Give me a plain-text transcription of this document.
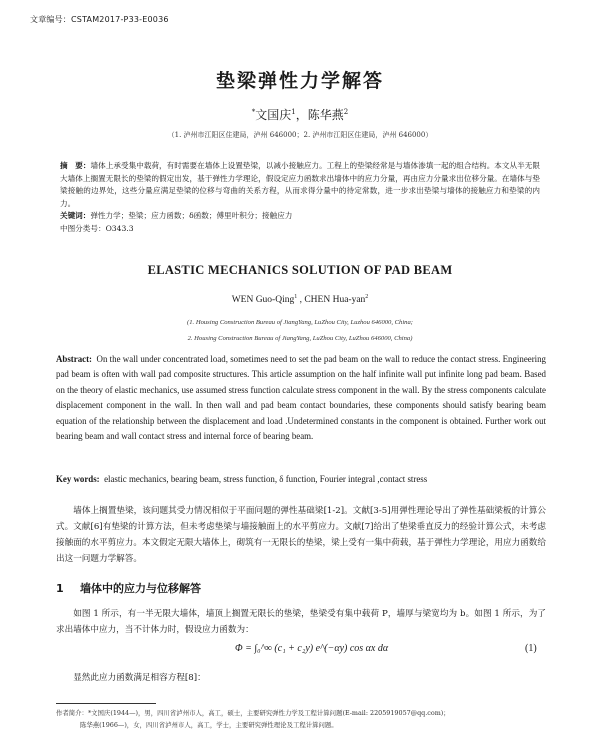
文章编号：CSTAM2017-P33-E0036
垫梁弹性力学解答
*文国庆$^1$，陈华燕$^2$
（1. 泸州市江阳区住建局，泸州 646000；2. 泸州市江阳区住建局，泸州 646000）
摘　要：墙体上承受集中载荷，有时需要在墙体上设置垫梁，以减小接触应力。工程上的垫梁经常是与墙体渗填一起的组合结构。本文从半无限大墙体上搁置无限长的垫梁的假定出发，基于弹性力学理论，假设定应力函数求出墙体中的应力分量，再由应力分量求出位移分量。在墙体与垫梁接触的边界处，这些分量应满足垫梁的位移与弯曲的关系方程，从而求得分量中的待定常数，进一步求出垫梁与墙体的接触应力和垫梁的内力。
关键词：弹性力学；垫梁；应力函数；δ函数；傅里叶积分；接触应力
中图分类号：O343.3
ELASTIC MECHANICS SOLUTION OF PAD BEAM
WEN Guo-Qing$^1$ , CHEN Hua-yan$^2$
(1. Housing Construction Bureau of JiangYang, LuZhou City, Luzhou 646000, China;
2. Housing Construction Bureau of JiangYang, LuZhou City, LuZhou 646000, China)
Abstract: On the wall under concentrated load, sometimes need to set the pad beam on the wall to reduce the contact stress. Engineering pad beam is often with wall pad composite structures. This article assumption on the half infinite wall put infinite long pad beam. Based on the theory of elastic mechanics, use assumed stress function calculate stress component in the wall. By the stress components calculate displacement component in the wall. In then wall and pad beam contact boundaries, these components should satisfy bearing beam equation of the relationship between the displacement and load .Undetermined constants in the component is obtained. Further work out bearing beam and wall contact stress and internal force of bearing beam.
Key words: elastic mechanics, bearing beam, stress function, δ function, Fourier integral ,contact stress
墙体上搁置垫梁，该问题其受力情况相似于平面问题的弹性基础梁[1-2]。文献[3-5]用弹性理论导出了弹性基础梁板的计算公式。文献[6]有垫梁的计算方法，但未考虑垫梁与墙接触面上的水平剪应力。文献[7]给出了垫梁垂直反力的经验计算公式，未考虑接触面的水平剪应力。本文假定无限大墙体上，砌筑有一无限长的垫梁，梁上受有一集中荷载，基于弹性力学理论，用应力函数给出这一问题力学解答。
1 墙体中的应力与位移解答
如图 1 所示，有一半无限大墙体，墙顶上搁置无限长的垫梁，垫梁受有集中载荷 P，墙厚与梁宽均为 b。如图 1 所示，为了求出墙体中应力，当不计体力时，假设应力函数为：
Φ = ∫₀^∞ (c₁ + c₂y) e^(−αy) cos αx dα	(1)
显然此应力函数满足相容方程[8]：
作者简介：*文国庆(1944—)，男，四川省泸州市人，高工，硕士，主要研究弹性力学及工程计算问题(E-mail: 2205919057@qq.com)；
陈华燕(1966—)，女，四川省泸州市人，高工，学士，主要研究弹性理论及工程计算问题。
